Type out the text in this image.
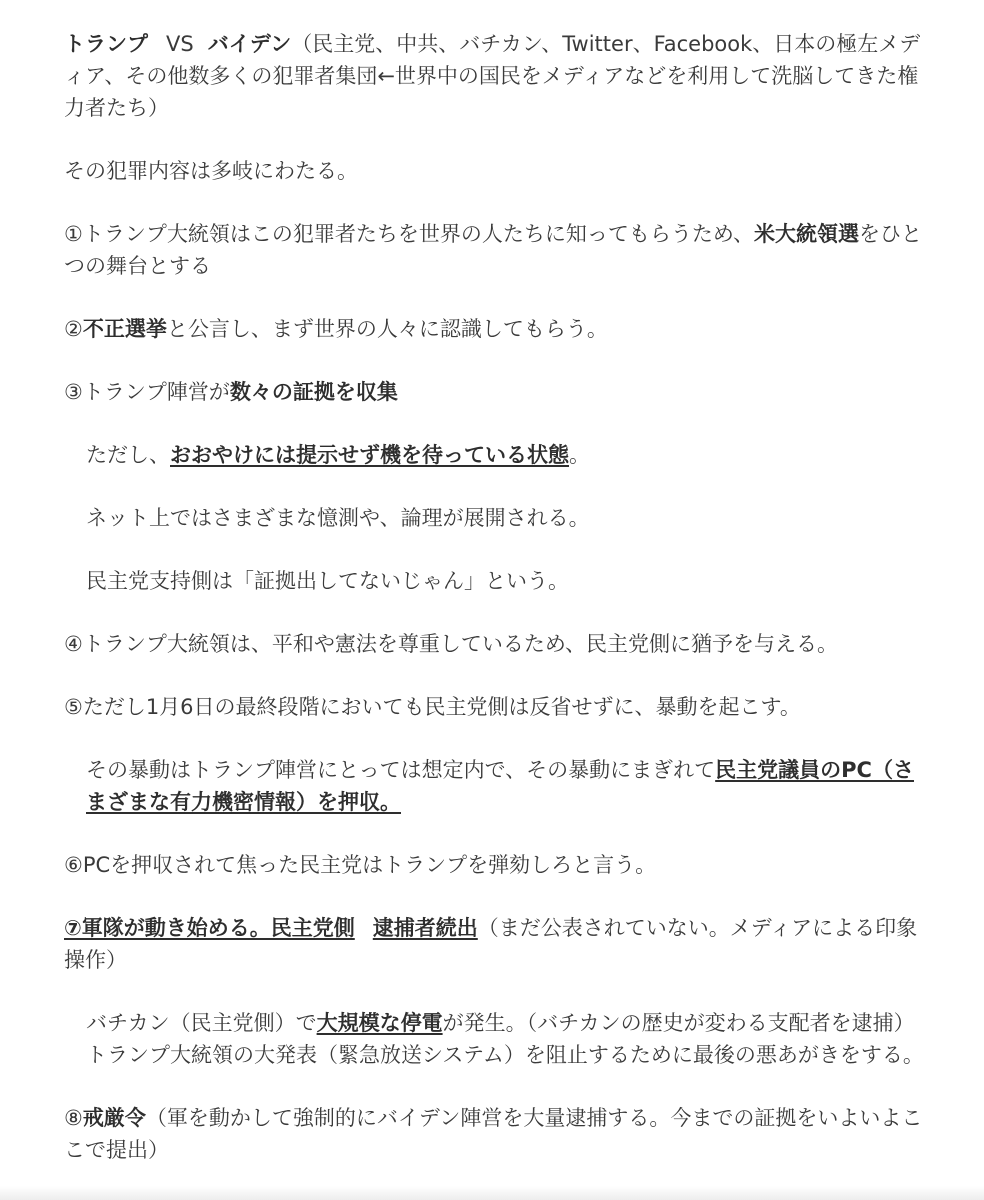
トランプ VS バイデン（民主党、中共、バチカン、Twitter、Facebook、日本の極左メディア、その他数多くの犯罪者集団←世界中の国民をメディアなどを利用して洗脳してきた権力者たち）

その犯罪内容は多岐にわたる。

①トランプ大統領はこの犯罪者たちを世界の人たちに知ってもらうため、米大統領選をひとつの舞台とする

②不正選挙と公言し、まず世界の人々に認識してもらう。

③トランプ陣営が数々の証拠を収集

ただし、おおやけには提示せず機を待っている状態。

ネット上ではさまざまな憶測や、論理が展開される。

民主党支持側は「証拠出してないじゃん」という。

④トランプ大統領は、平和や憲法を尊重しているため、民主党側に猶予を与える。

⑤ただし1月6日の最終段階においても民主党側は反省せずに、暴動を起こす。

その暴動はトランプ陣営にとっては想定内で、その暴動にまぎれて民主党議員のPC（さまざまな有力機密情報）を押収。

⑥PCを押収されて焦った民主党はトランプを弾劾しろと言う。

⑦軍隊が動き始める。民主党側 逮捕者続出（まだ公表されていない。メディアによる印象操作）

バチカン（民主党側）で大規模な停電が発生。（バチカンの歴史が変わる支配者を逮捕）
トランプ大統領の大発表（緊急放送システム）を阻止するために最後の悪あがきをする。

⑧戒厳令（軍を動かして強制的にバイデン陣営を大量逮捕する。今までの証拠をいよいよここで提出）
